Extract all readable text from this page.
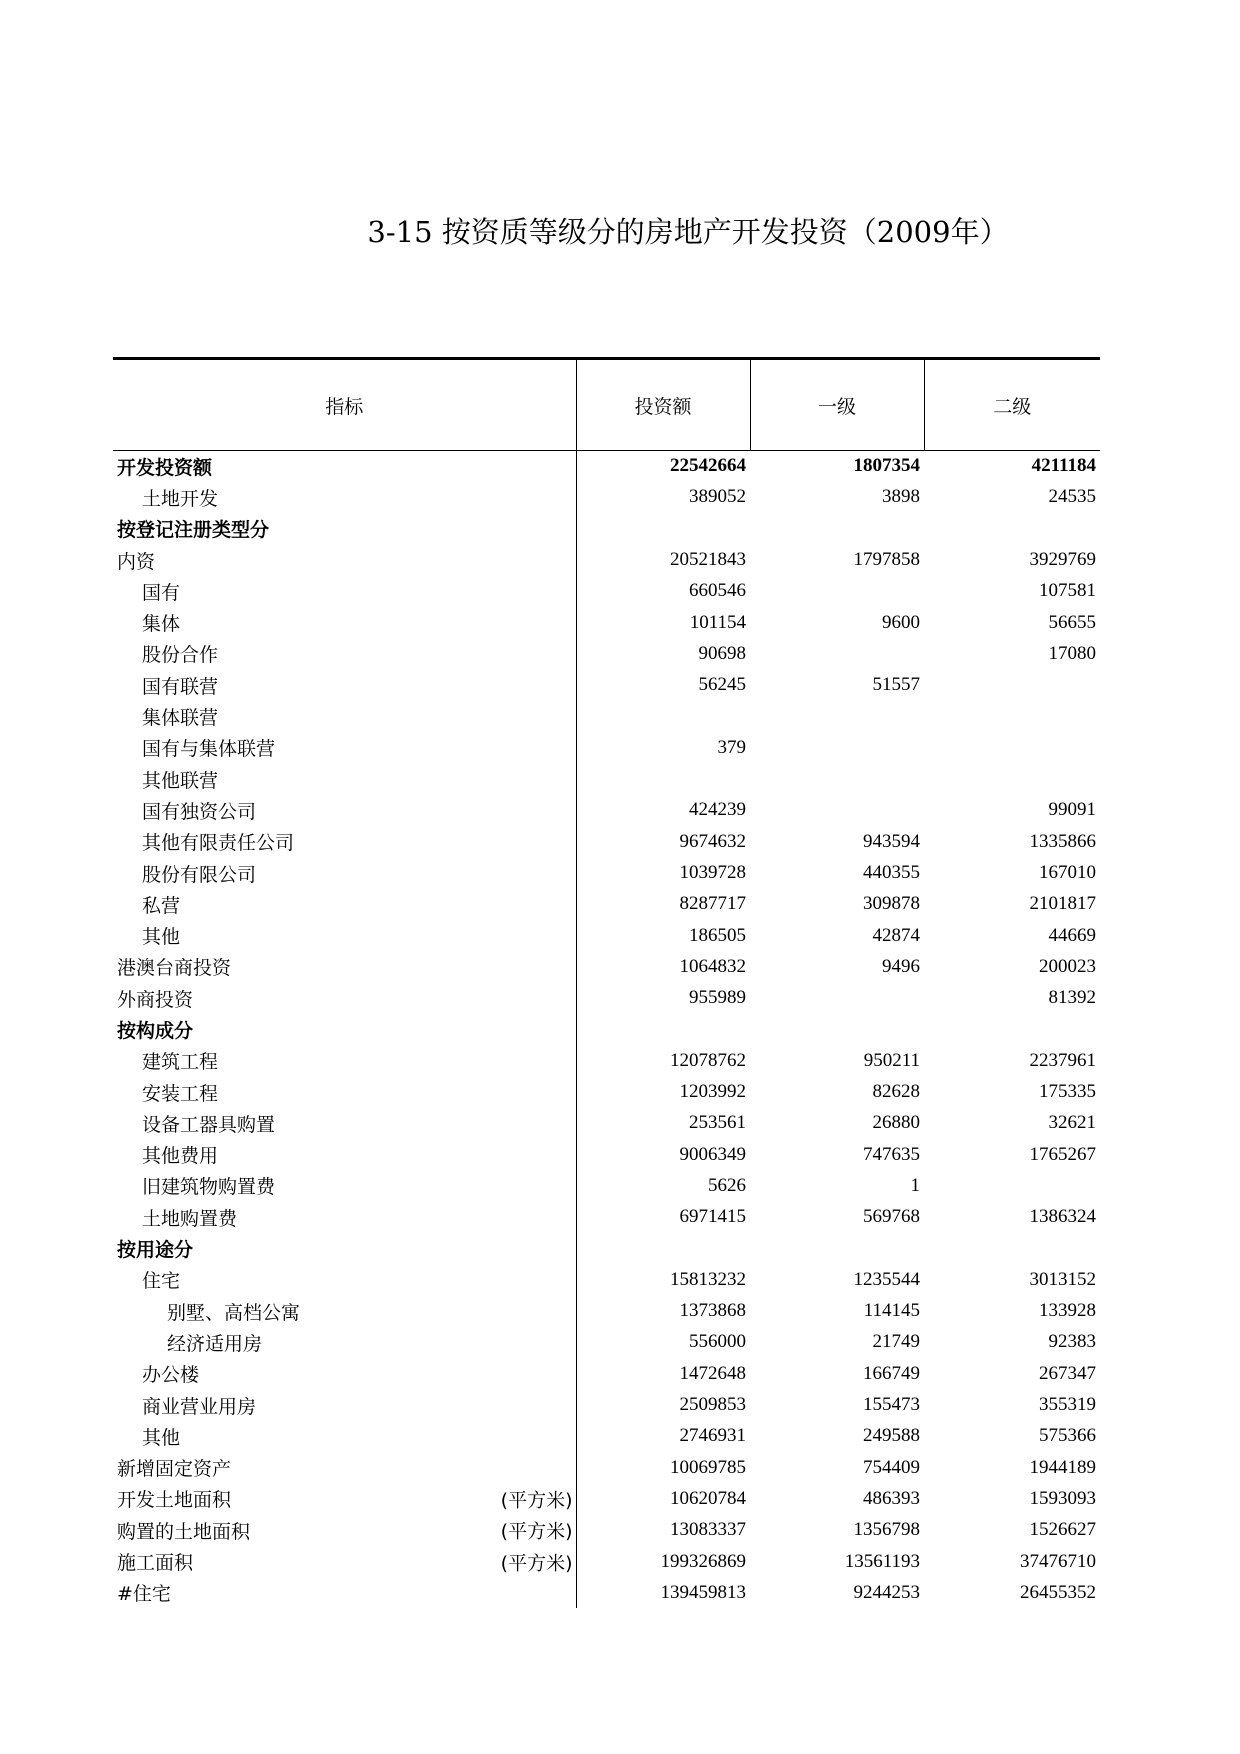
3-15 按资质等级分的房地产开发投资（2009年）
指标	投资额	一级	二级
开发投资额	22542664	1807354	4211184
土地开发	389052	3898	24535
按登记注册类型分			
内资	20521843	1797858	3929769
国有	660546		107581
集体	101154	9600	56655
股份合作	90698		17080
国有联营	56245	51557	
集体联营			
国有与集体联营	379		
其他联营			
国有独资公司	424239		99091
其他有限责任公司	9674632	943594	1335866
股份有限公司	1039728	440355	167010
私营	8287717	309878	2101817
其他	186505	42874	44669
港澳台商投资	1064832	9496	200023
外商投资	955989		81392
按构成分			
建筑工程	12078762	950211	2237961
安装工程	1203992	82628	175335
设备工器具购置	253561	26880	32621
其他费用	9006349	747635	1765267
旧建筑物购置费	5626	1	
土地购置费	6971415	569768	1386324
按用途分			
住宅	15813232	1235544	3013152
别墅、高档公寓	1373868	114145	133928
经济适用房	556000	21749	92383
办公楼	1472648	166749	267347
商业营业用房	2509853	155473	355319
其他	2746931	249588	575366
新增固定资产	10069785	754409	1944189
开发土地面积 (平方米)	10620784	486393	1593093
购置的土地面积 (平方米)	13083337	1356798	1526627
施工面积 (平方米)	199326869	13561193	37476710
#住宅	139459813	9244253	26455352
